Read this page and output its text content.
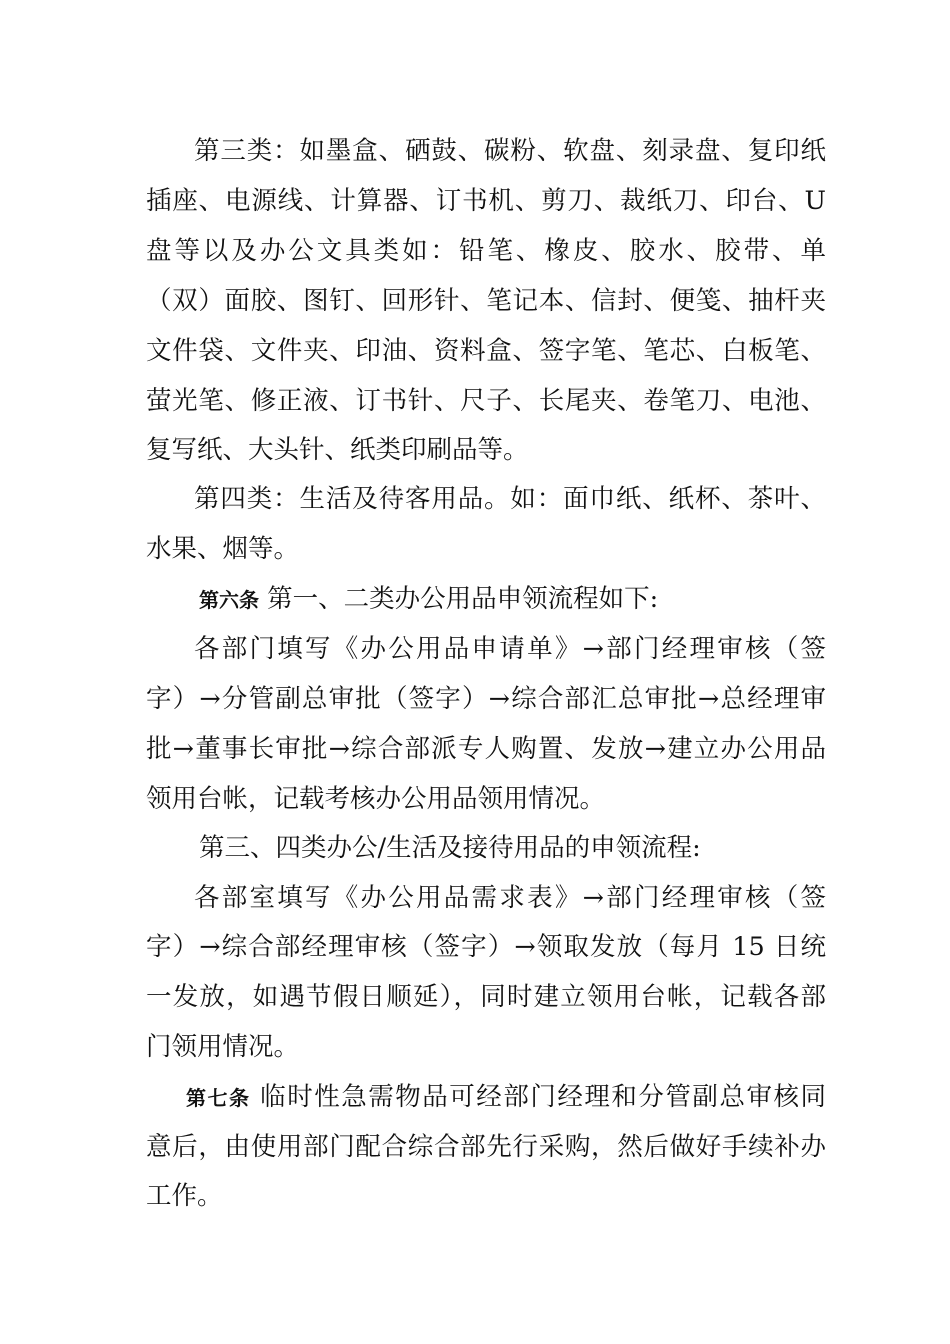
第三类：如墨盒、硒鼓、碳粉、软盘、刻录盘、复印纸
插座、电源线、计算器、订书机、剪刀、裁纸刀、印台、U
盘等以及办公文具类如：铅笔、橡皮、胶水、胶带、单
（双）面胶、图钉、回形针、笔记本、信封、便笺、抽杆夹
文件袋、文件夹、印油、资料盒、签字笔、笔芯、白板笔、
萤光笔、修正液、订书针、尺子、长尾夹、卷笔刀、电池、
复写纸、大头针、纸类印刷品等。
第四类：生活及待客用品。如：面巾纸、纸杯、茶叶、
水果、烟等。
第六条 第一、二类办公用品申领流程如下:
各部门填写《办公用品申请单》→部门经理审核（签
字）→分管副总审批（签字）→综合部汇总审批→总经理审
批→董事长审批→综合部派专人购置、发放→建立办公用品
领用台帐，记载考核办公用品领用情况。
第三、四类办公/生活及接待用品的申领流程:
各部室填写《办公用品需求表》→部门经理审核（签
字）→综合部经理审核（签字）→领取发放（每月 15 日统
一发放，如遇节假日顺延），同时建立领用台帐，记载各部
门领用情况。
第七条 临时性急需物品可经部门经理和分管副总审核同
意后，由使用部门配合综合部先行采购，然后做好手续补办
工作。
